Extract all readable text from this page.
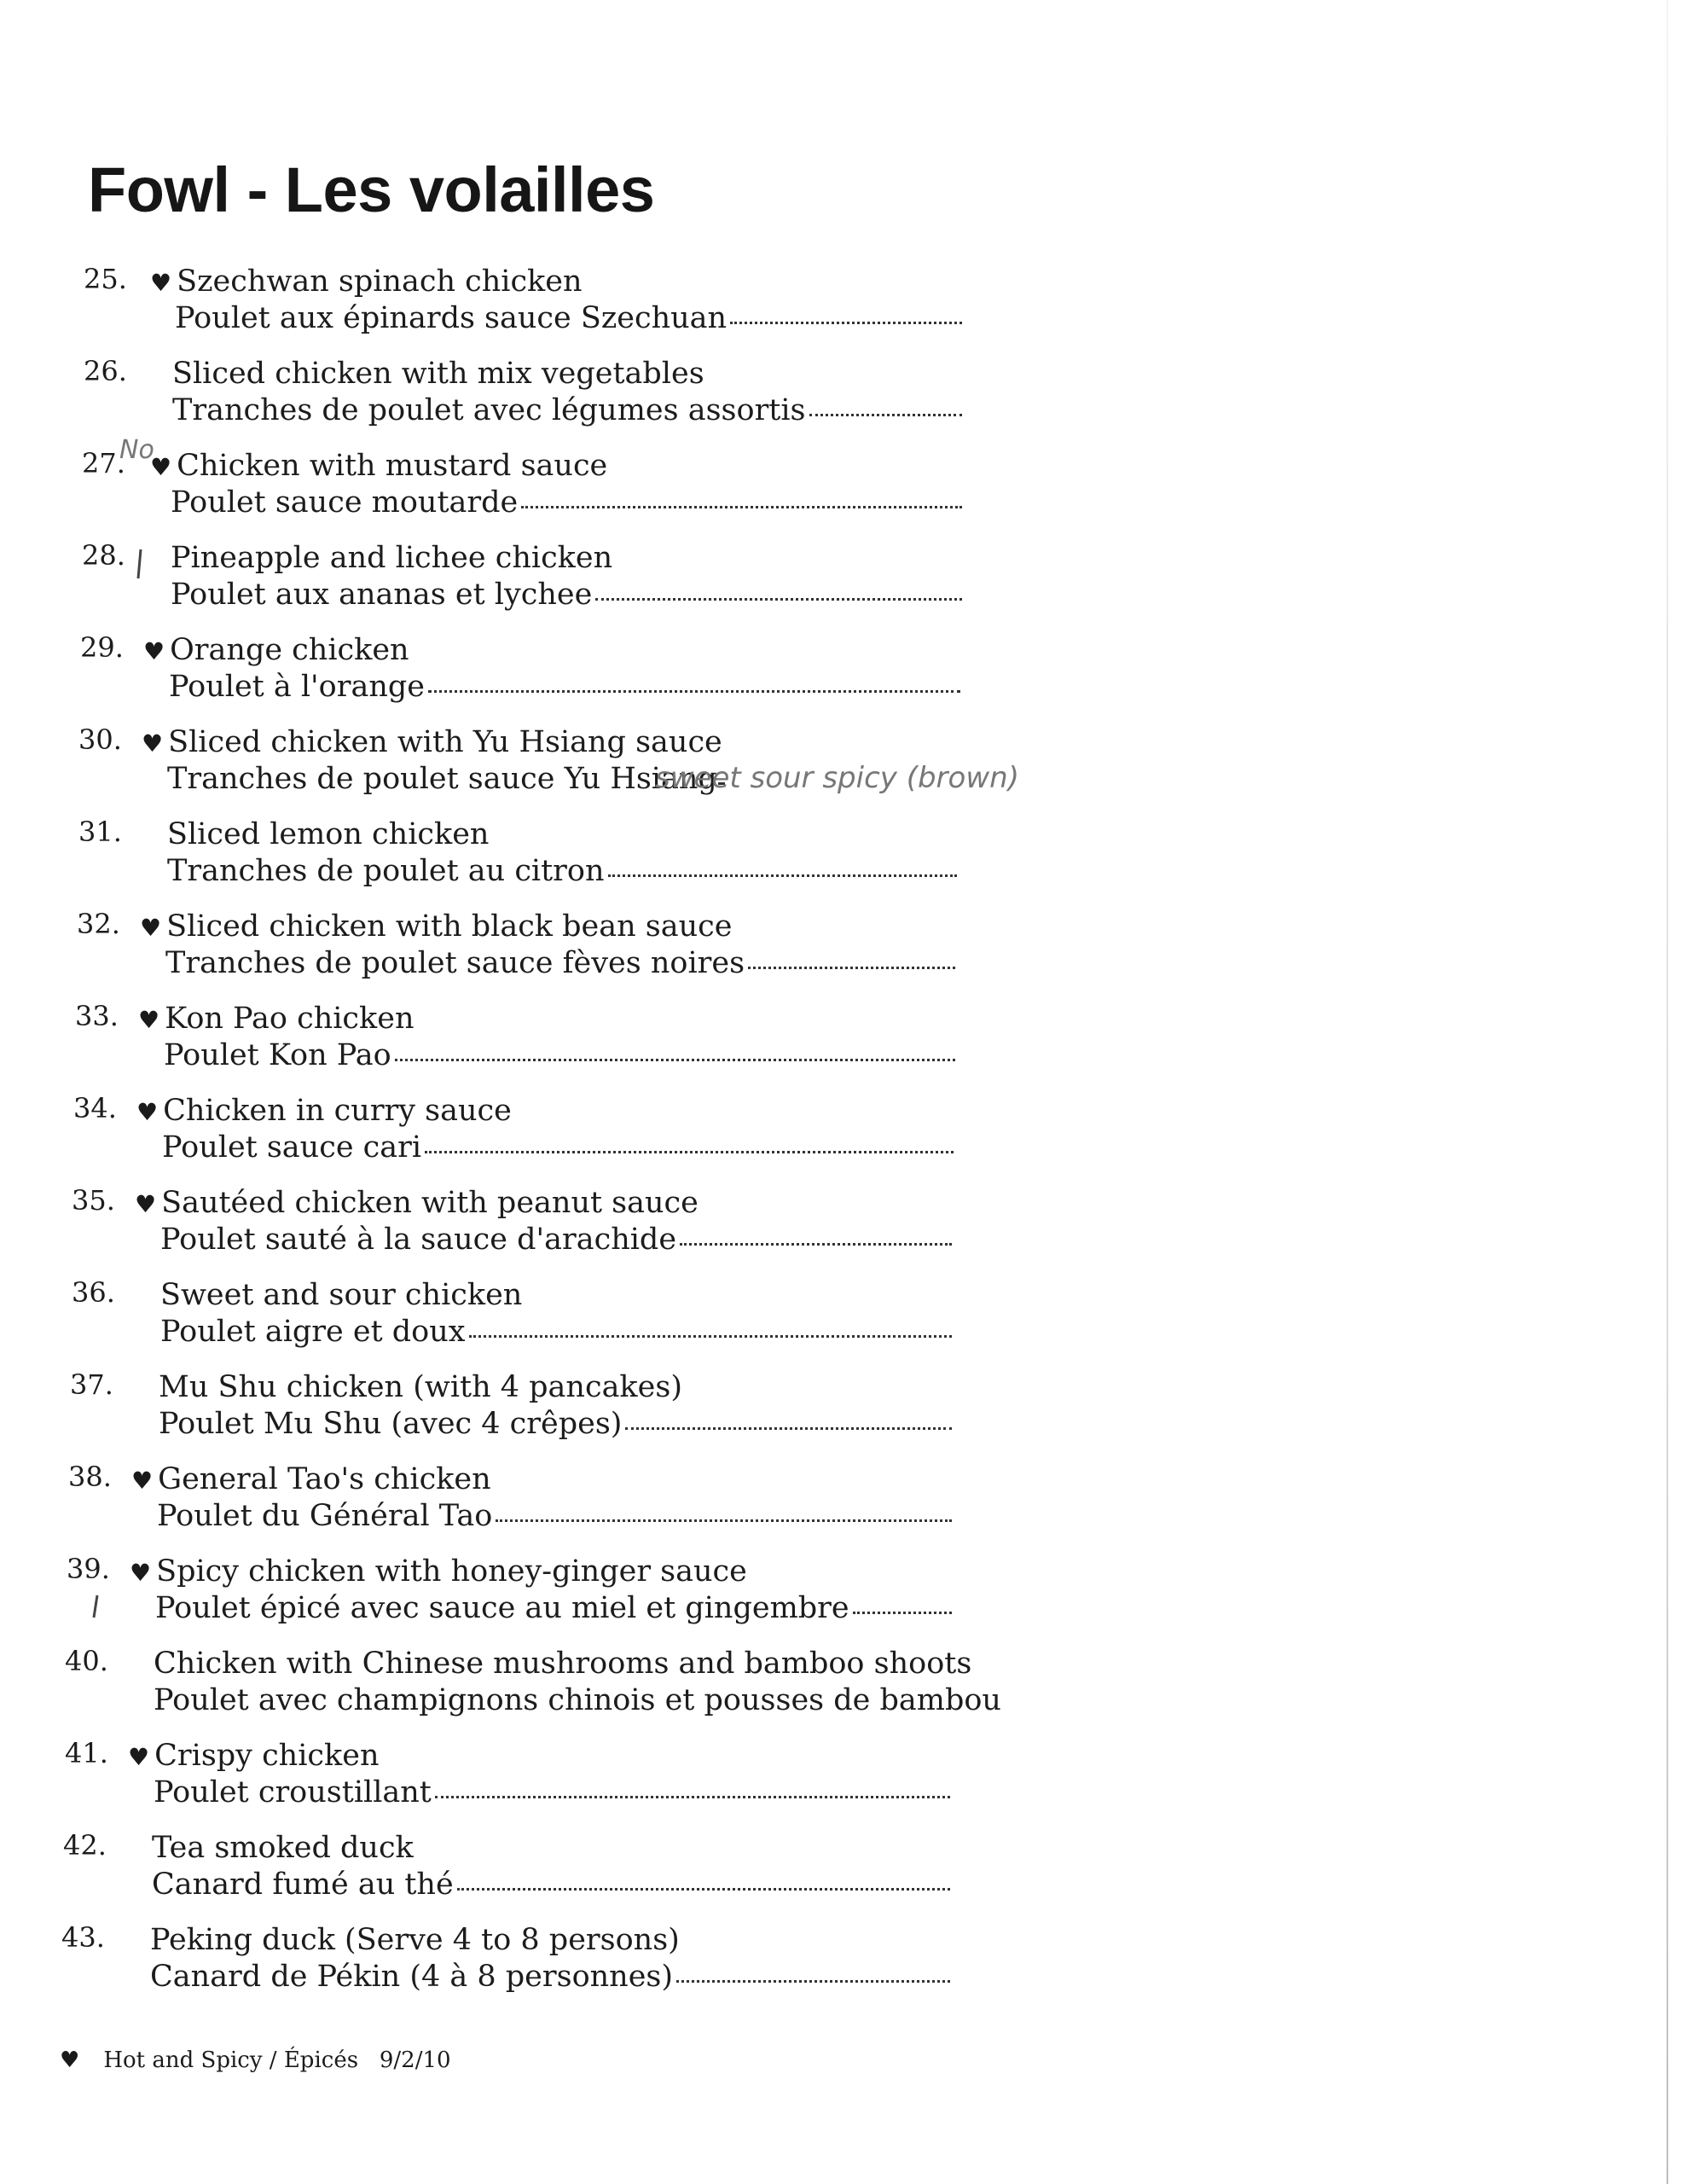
Fowl - Les volailles
25. ♥ Szechwan spinach chicken
Poulet aux épinards sauce Szechuan
26. Sliced chicken with mix vegetables
Tranches de poulet avec légumes assortis
27.
No
♥ Chicken with mustard sauce
Poulet sauce moutarde
28. Pineapple and lichee chicken
Poulet aux ananas et lychee
29. ♥ Orange chicken
Poulet à l'orange
30. ♥ Sliced chicken with Yu Hsiang sauce
Tranches de poulet sauce Yu Hsiang
sweet sour spicy (brown)
31. Sliced lemon chicken
Tranches de poulet au citron
32. ♥ Sliced chicken with black bean sauce
Tranches de poulet sauce fèves noires
33. ♥ Kon Pao chicken
Poulet Kon Pao
34. ♥ Chicken in curry sauce
Poulet sauce cari
35. ♥ Sautéed chicken with peanut sauce
Poulet sauté à la sauce d'arachide
36. Sweet and sour chicken
Poulet aigre et doux
37. Mu Shu chicken (with 4 pancakes)
Poulet Mu Shu (avec 4 crêpes)
38. ♥ General Tao's chicken
Poulet du Général Tao
39. ♥ Spicy chicken with honey-ginger sauce
Poulet épicé avec sauce au miel et gingembre
40. Chicken with Chinese mushrooms and bamboo shoots
Poulet avec champignons chinois et pousses de bambou
41. ♥ Crispy chicken
Poulet croustillant
42. Tea smoked duck
Canard fumé au thé
43. Peking duck (Serve 4 to 8 persons)
Canard de Pékin (4 à 8 personnes)
♥ Hot and Spicy / Épicés 9/2/10
